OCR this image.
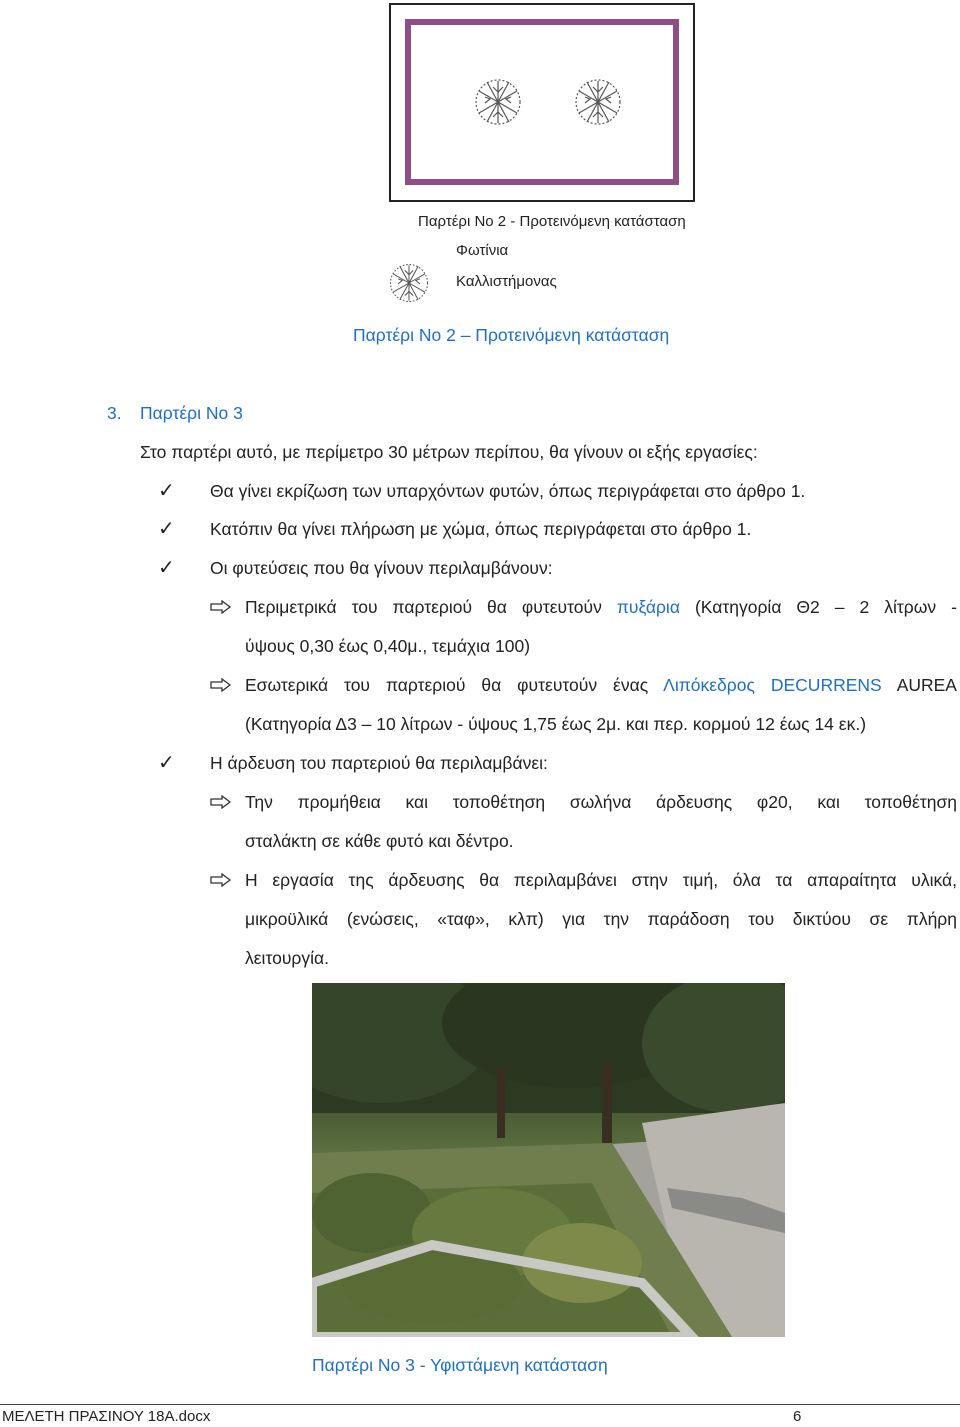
Παρτέρι Νο 2 - Προτεινόμενη κατάσταση
Φωτίνια
Καλλιστήμονας
Παρτέρι Νο 2 – Προτεινόμενη κατάσταση
3. Παρτέρι Νο 3
Στο παρτέρι αυτό, με περίμετρο 30 μέτρων περίπου, θα γίνουν οι εξής εργασίες:
✓ Θα γίνει εκρίζωση των υπαρχόντων φυτών, όπως περιγράφεται στο άρθρο 1.
✓ Κατόπιν θα γίνει πλήρωση με χώμα, όπως περιγράφεται στο άρθρο 1.
✓ Οι φυτεύσεις που θα γίνουν περιλαμβάνουν:
Περιμετρικά του παρτεριού θα φυτευτούν πυξάρια (Κατηγορία Θ2 – 2 λίτρων -
ύψους 0,30 έως 0,40μ., τεμάχια 100)
Εσωτερικά του παρτεριού θα φυτευτούν ένας Λιπόκεδρος DECURRENS AUREA
(Κατηγορία Δ3 – 10 λίτρων - ύψους 1,75 έως 2μ. και περ. κορμού 12 έως 14 εκ.)
✓ Η άρδευση του παρτεριού θα περιλαμβάνει:
Την προμήθεια και τοποθέτηση σωλήνα άρδευσης φ20, και τοποθέτηση
σταλάκτη σε κάθε φυτό και δέντρο.
Η εργασία της άρδευσης θα περιλαμβάνει στην τιμή, όλα τα απαραίτητα υλικά,
μικροϋλικά (ενώσεις, «ταφ», κλπ) για την παράδοση του δικτύου σε πλήρη
λειτουργία.
Παρτέρι Νο 3 - Υφιστάμενη κατάσταση
ΜΕΛΕΤΗ ΠΡΑΣΙΝΟΥ 18Α.docx	6
